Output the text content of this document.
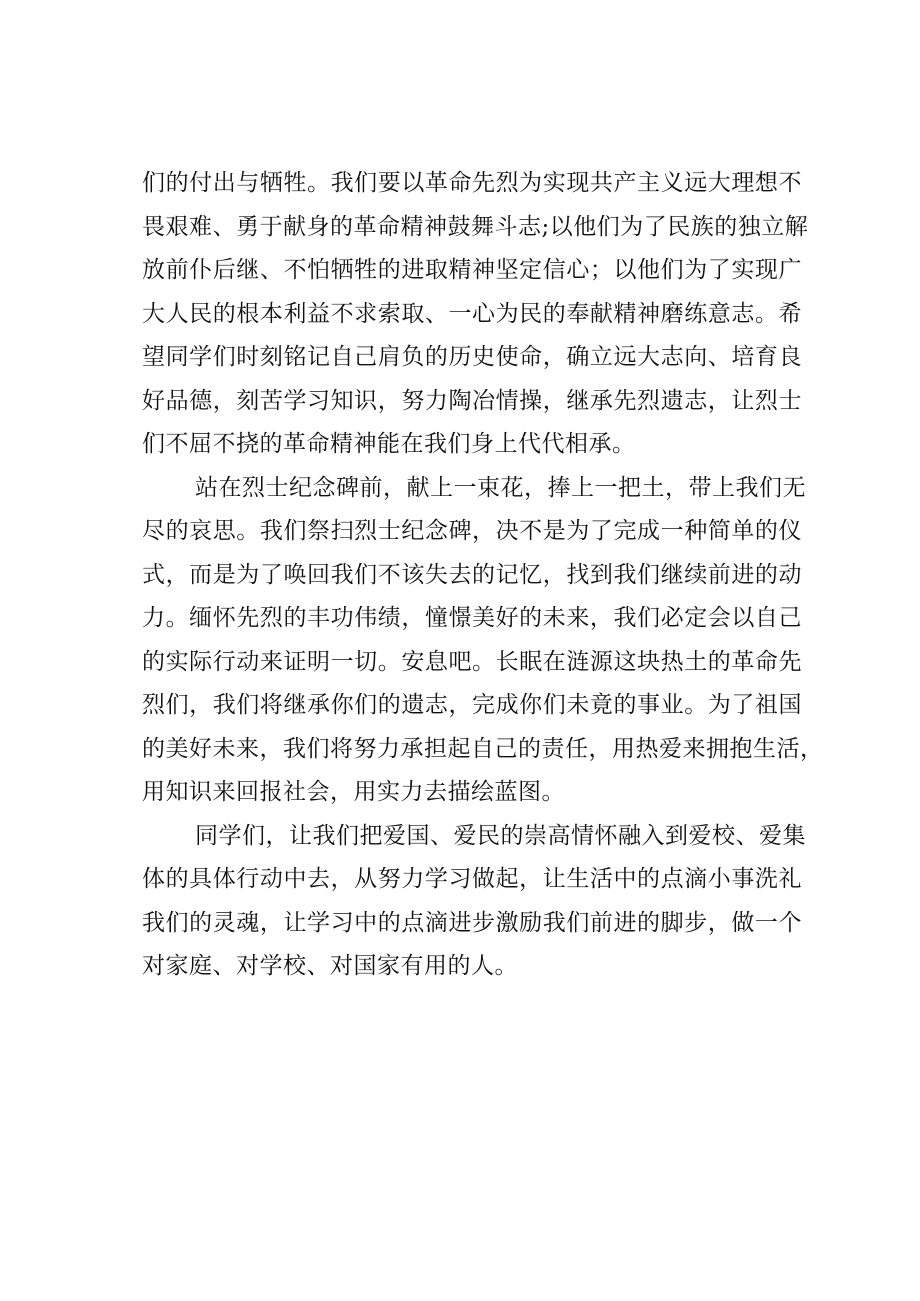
们的付出与牺牲。我们要以革命先烈为实现共产主义远大理想不
畏艰难、勇于献身的革命精神鼓舞斗志;以他们为了民族的独立解
放前仆后继、不怕牺牲的进取精神坚定信心；以他们为了实现广
大人民的根本利益不求索取、一心为民的奉献精神磨练意志。希
望同学们时刻铭记自己肩负的历史使命，确立远大志向、培育良
好品德，刻苦学习知识，努力陶冶情操，继承先烈遗志，让烈士
们不屈不挠的革命精神能在我们身上代代相承。
站在烈士纪念碑前，献上一束花，捧上一把土，带上我们无
尽的哀思。我们祭扫烈士纪念碑，决不是为了完成一种简单的仪
式，而是为了唤回我们不该失去的记忆，找到我们继续前进的动
力。缅怀先烈的丰功伟绩，憧憬美好的未来，我们必定会以自己
的实际行动来证明一切。安息吧。长眠在涟源这块热土的革命先
烈们，我们将继承你们的遗志，完成你们未竟的事业。为了祖国
的美好未来，我们将努力承担起自己的责任，用热爱来拥抱生活，
用知识来回报社会，用实力去描绘蓝图。
同学们，让我们把爱国、爱民的崇高情怀融入到爱校、爱集
体的具体行动中去，从努力学习做起，让生活中的点滴小事洗礼
我们的灵魂，让学习中的点滴进步激励我们前进的脚步，做一个
对家庭、对学校、对国家有用的人。
